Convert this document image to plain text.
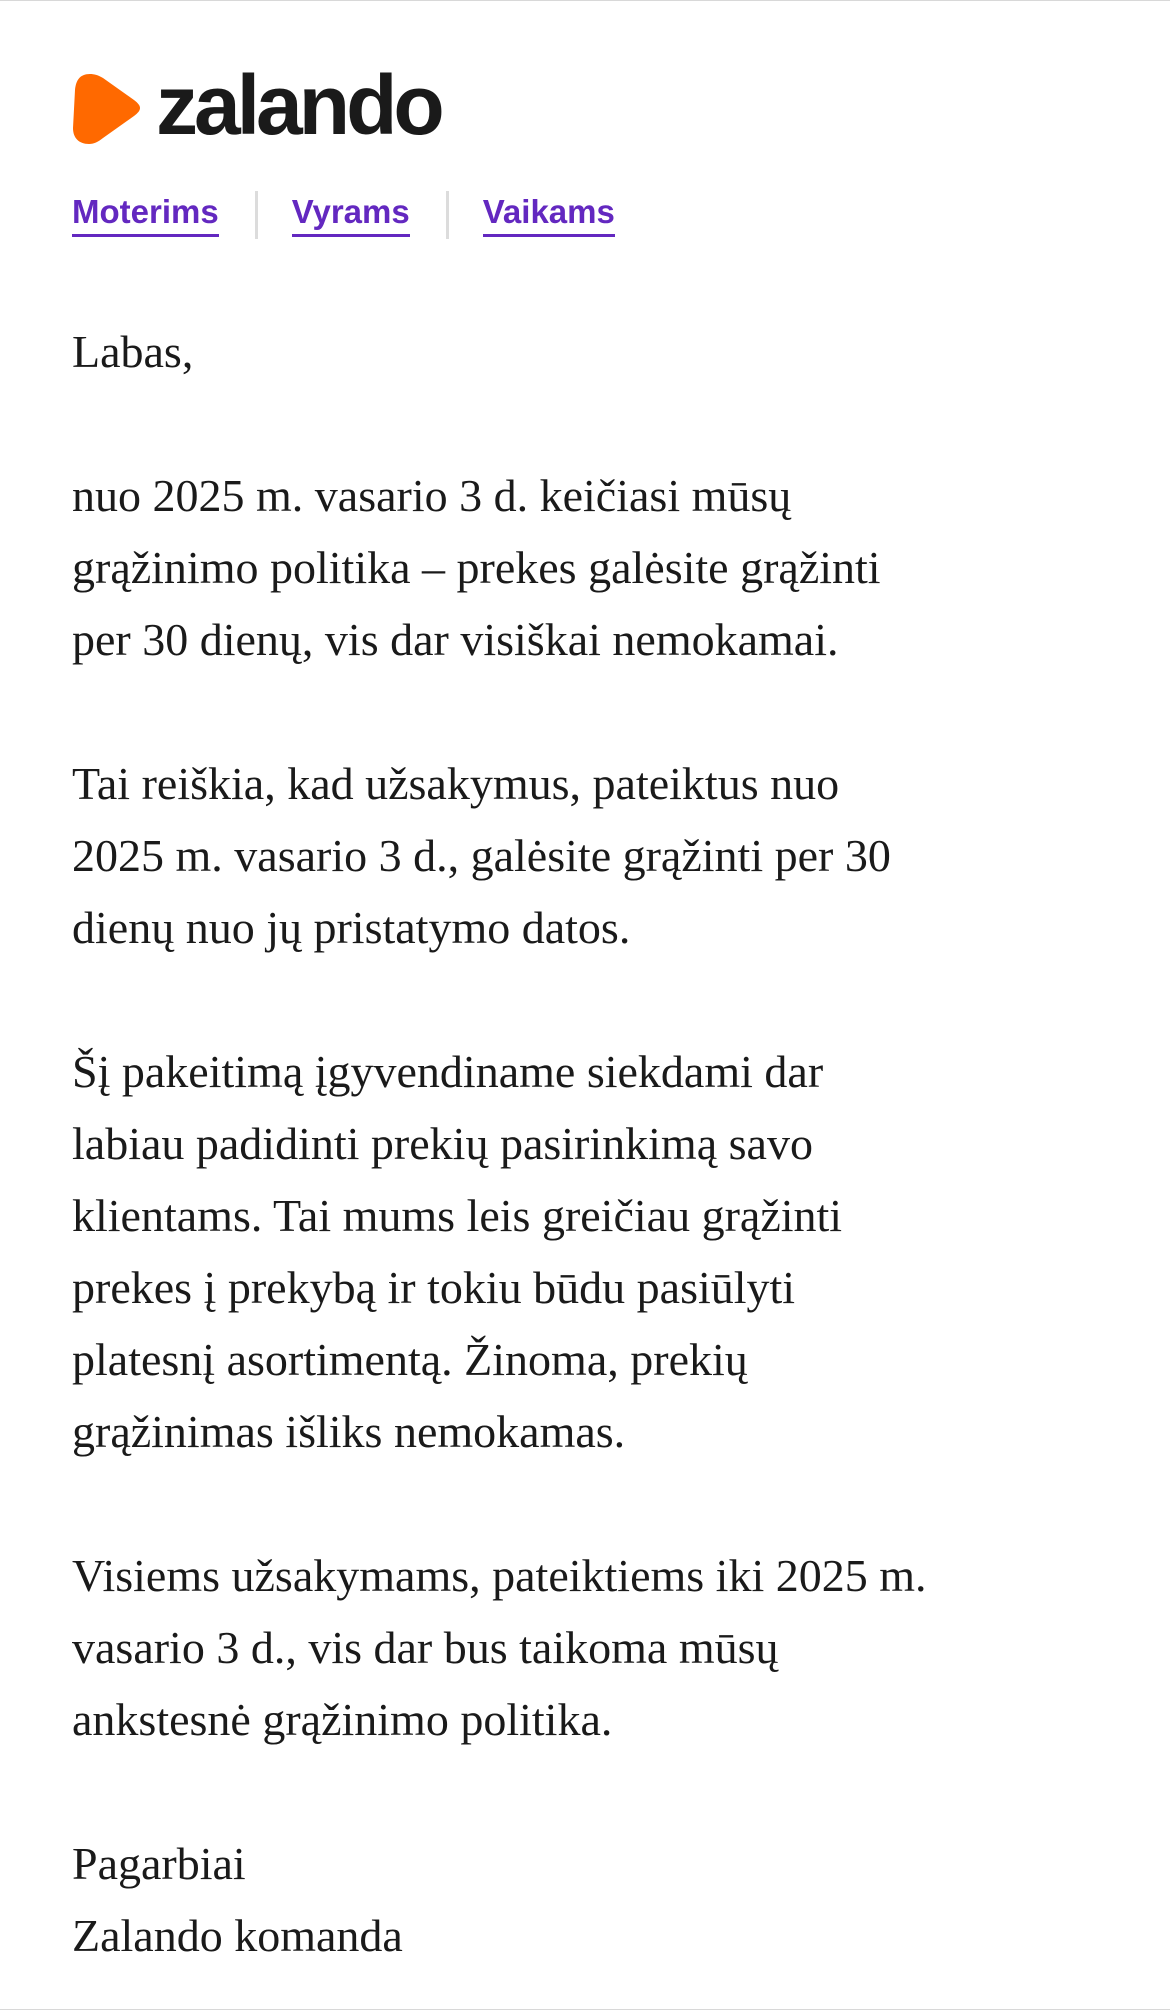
zalando
Moterims Vyrams Vaikams

Labas,

nuo 2025 m. vasario 3 d. keičiasi mūsų
grąžinimo politika – prekes galėsite grąžinti
per 30 dienų, vis dar visiškai nemokamai.

Tai reiškia, kad užsakymus, pateiktus nuo
2025 m. vasario 3 d., galėsite grąžinti per 30
dienų nuo jų pristatymo datos.

Šį pakeitimą įgyvendiname siekdami dar
labiau padidinti prekių pasirinkimą savo
klientams. Tai mums leis greičiau grąžinti
prekes į prekybą ir tokiu būdu pasiūlyti
platesnį asortimentą. Žinoma, prekių
grąžinimas išliks nemokamas.

Visiems užsakymams, pateiktiems iki 2025 m.
vasario 3 d., vis dar bus taikoma mūsų
ankstesnė grąžinimo politika.

Pagarbiai
Zalando komanda
